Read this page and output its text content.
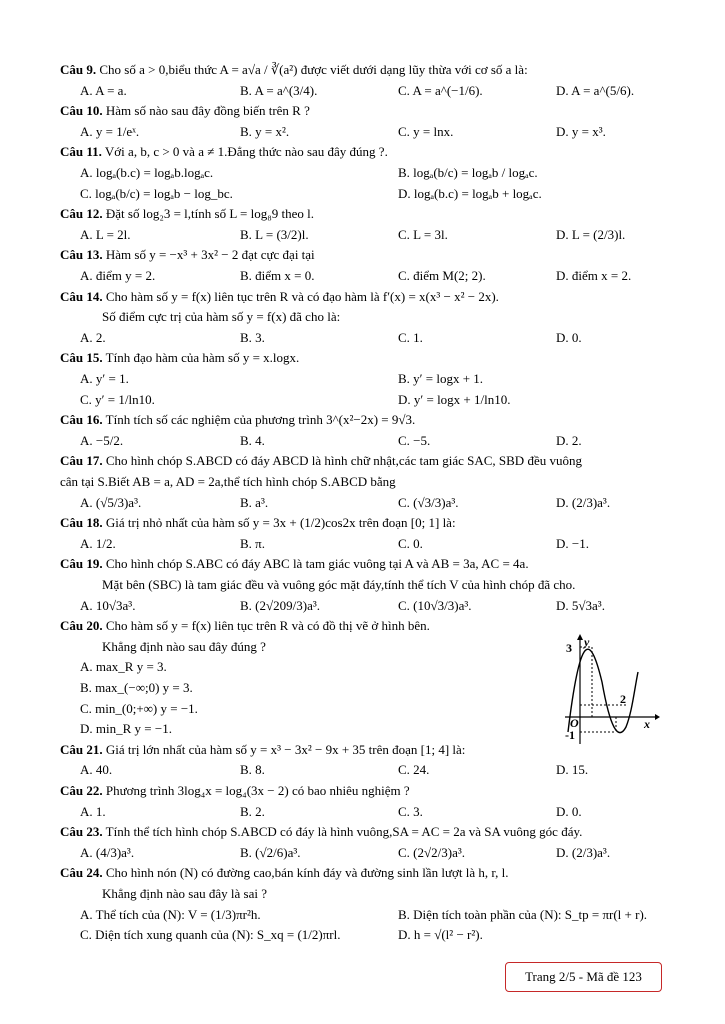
Câu 9. Cho số a > 0,biểu thức A = a√a / ∛(a²) được viết dưới dạng lũy thừa với cơ số a là:
A. A = a.	B. A = a^(3/4).	C. A = a^(−1/6).	D. A = a^(5/6).
Câu 10. Hàm số nào sau đây đồng biến trên R ?
A. y = 1/eˣ.	B. y = x².	C. y = lnx.	D. y = x³.
Câu 11. Với a, b, c > 0 và a ≠ 1.Đẳng thức nào sau đây đúng ?.
A. logₐ(b.c) = logₐb.logₐc.	B. logₐ(b/c) = logₐb / logₐc.
C. logₐ(b/c) = logₐb − log_bc.	D. logₐ(b.c) = logₐb + logₐc.
Câu 12. Đặt số log₂3 = l,tính số L = log₈9 theo l.
A. L = 2l.	B. L = (3/2)l.	C. L = 3l.	D. L = (2/3)l.
Câu 13. Hàm số y = −x³ + 3x² − 2 đạt cực đại tại
A. điểm y = 2.	B. điểm x = 0.	C. điểm M(2; 2).	D. điểm x = 2.
Câu 14. Cho hàm số y = f(x) liên tục trên R và có đạo hàm là f′(x) = x(x³ − x² − 2x).
Số điểm cực trị của hàm số y = f(x) đã cho là:
A. 2.	B. 3.	C. 1.	D. 0.
Câu 15. Tính đạo hàm của hàm số y = x.logx.
A. y′ = 1.	B. y′ = logx + 1.
C. y′ = 1/ln10.	D. y′ = logx + 1/ln10.
Câu 16. Tính tích số các nghiệm của phương trình 3^(x²−2x) = 9√3.
A. −5/2.	B. 4.	C. −5.	D. 2.
Câu 17. Cho hình chóp S.ABCD có đáy ABCD là hình chữ nhật,các tam giác SAC, SBD đều vuông
cân tại S.Biết AB = a, AD = 2a,thể tích hình chóp S.ABCD bằng
A. (√5/3)a³.	B. a³.	C. (√3/3)a³.	D. (2/3)a³.
Câu 18. Giá trị nhỏ nhất của hàm số y = 3x + (1/2)cos2x trên đoạn [0; 1] là:
A. 1/2.	B. π.	C. 0.	D. −1.
Câu 19. Cho hình chóp S.ABC có đáy ABC là tam giác vuông tại A và AB = 3a, AC = 4a.
Mặt bên (SBC) là tam giác đều và vuông góc mặt đáy,tính thể tích V của hình chóp đã cho.
A. 10√3a³.	B. (2√209/3)a³.	C. (10√3/3)a³.	D. 5√3a³.
Câu 20. Cho hàm số y = f(x) liên tục trên R và có đồ thị vẽ ở hình bên.
Khẳng định nào sau đây đúng ?
A. max_R y = 3.
B. max_(−∞;0) y = 3.
C. min_(0;+∞) y = −1.
D. min_R y = −1.
Câu 21. Giá trị lớn nhất của hàm số y = x³ − 3x² − 9x + 35 trên đoạn [1; 4] là:
A. 40.	B. 8.	C. 24.	D. 15.
Câu 22. Phương trình 3log₄x = log₄(3x − 2) có bao nhiêu nghiệm ?
A. 1.	B. 2.	C. 3.	D. 0.
Câu 23. Tính thể tích hình chóp S.ABCD có đáy là hình vuông,SA = AC = 2a và SA vuông góc đáy.
A. (4/3)a³.	B. (√2/6)a³.	C. (2√2/3)a³.	D. (2/3)a³.
Câu 24. Cho hình nón (N) có đường cao,bán kính đáy và đường sinh lần lượt là h, r, l.
Khẳng định nào sau đây là sai ?
A. Thể tích của (N): V = (1/3)πr²h.	B. Diện tích toàn phần của (N): S_tp = πr(l + r).
C. Diện tích xung quanh của (N): S_xq = (1/2)πrl.	D. h = √(l² − r²).
y
x
O
3
2
-1
Trang 2/5 - Mã đề 123
